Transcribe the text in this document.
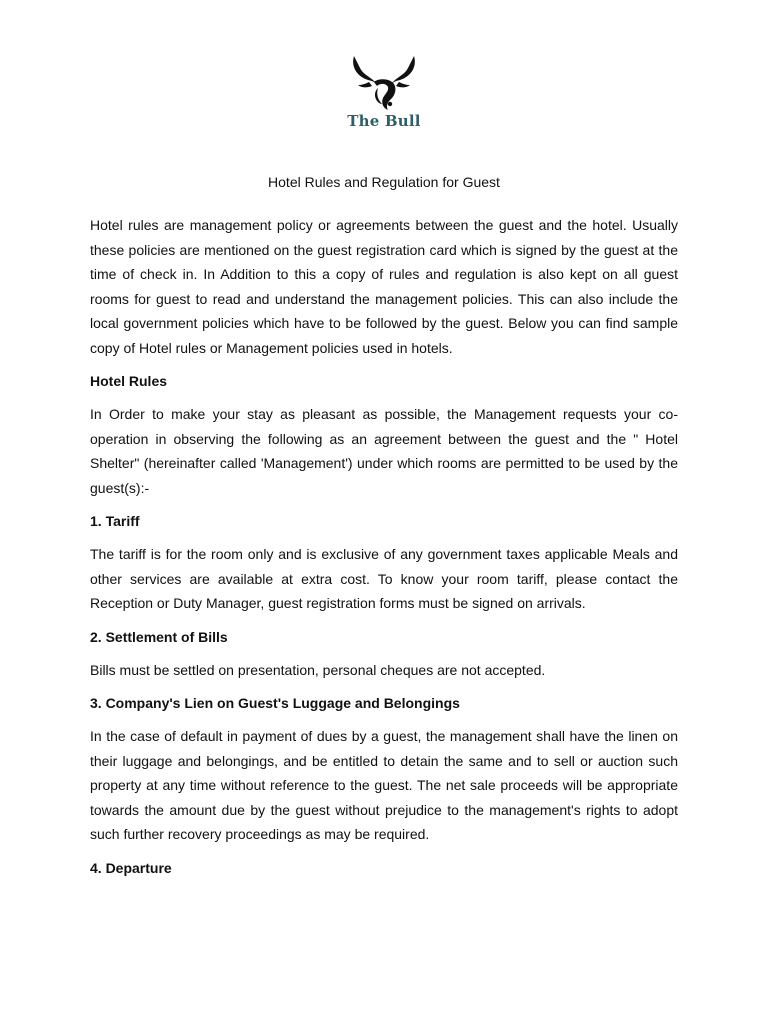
The Bull
Hotel Rules and Regulation for Guest

Hotel rules are management policy or agreements between the guest and the hotel. Usually these policies are mentioned on the guest registration card which is signed by the guest at the time of check in. In Addition to this a copy of rules and regulation is also kept on all guest rooms for guest to read and understand the management policies. This can also include the local government policies which have to be followed by the guest. Below you can find sample copy of Hotel rules or Management policies used in hotels.

Hotel Rules

In Order to make your stay as pleasant as possible, the Management requests your co-operation in observing the following as an agreement between the guest and the " Hotel Shelter" (hereinafter called 'Management') under which rooms are permitted to be used by the guest(s):-

1. Tariff

The tariff is for the room only and is exclusive of any government taxes applicable Meals and other services are available at extra cost. To know your room tariff, please contact the Reception or Duty Manager, guest registration forms must be signed on arrivals.

2. Settlement of Bills

Bills must be settled on presentation, personal cheques are not accepted.

3. Company's Lien on Guest's Luggage and Belongings

In the case of default in payment of dues by a guest, the management shall have the linen on their luggage and belongings, and be entitled to detain the same and to sell or auction such property at any time without reference to the guest. The net sale proceeds will be appropriate towards the amount due by the guest without prejudice to the management's rights to adopt such further recovery proceedings as may be required.

4. Departure
